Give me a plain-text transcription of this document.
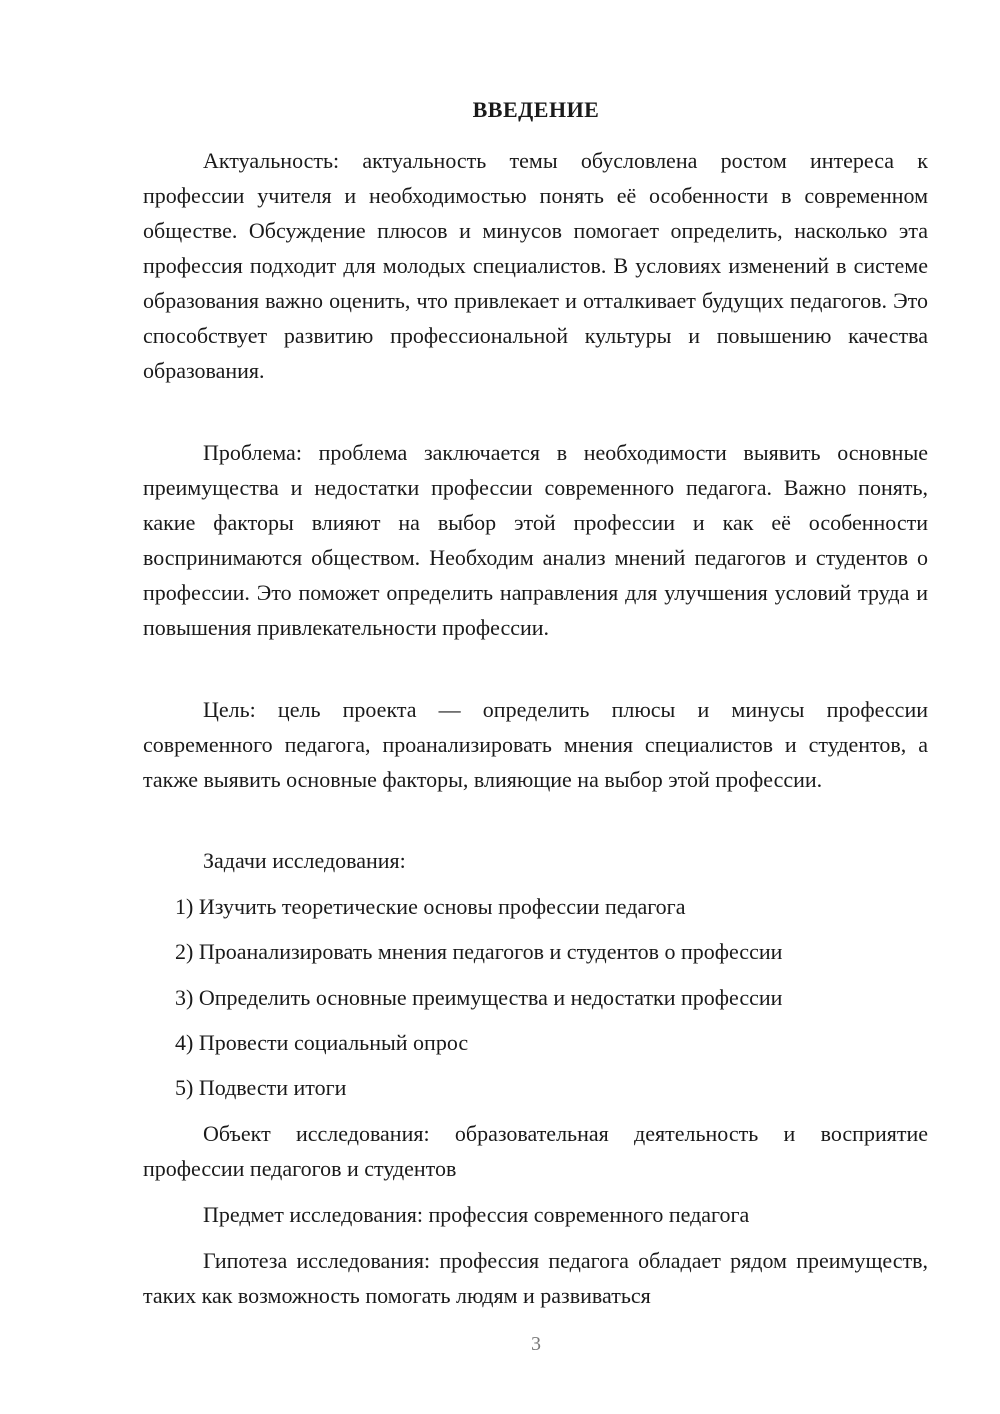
ВВЕДЕНИЕ

Актуальность: актуальность темы обусловлена ростом интереса к профессии учителя и необходимостью понять её особенности в современном обществе. Обсуждение плюсов и минусов помогает определить, насколько эта профессия подходит для молодых специалистов. В условиях изменений в системе образования важно оценить, что привлекает и отталкивает будущих педагогов. Это способствует развитию профессиональной культуры и повышению качества образования.

Проблема: проблема заключается в необходимости выявить основные преимущества и недостатки профессии современного педагога. Важно понять, какие факторы влияют на выбор этой профессии и как её особенности воспринимаются обществом. Необходим анализ мнений педагогов и студентов о профессии. Это поможет определить направления для улучшения условий труда и повышения привлекательности профессии.

Цель: цель проекта — определить плюсы и минусы профессии современного педагога, проанализировать мнения специалистов и студентов, а также выявить основные факторы, влияющие на выбор этой профессии.

Задачи исследования:
1) Изучить теоретические основы профессии педагога
2) Проанализировать мнения педагогов и студентов о профессии
3) Определить основные преимущества и недостатки профессии
4) Провести социальный опрос
5) Подвести итоги

Объект исследования: образовательная деятельность и восприятие профессии педагогов и студентов

Предмет исследования: профессия современного педагога

Гипотеза исследования: профессия педагога обладает рядом преимуществ, таких как возможность помогать людям и развиваться

3
